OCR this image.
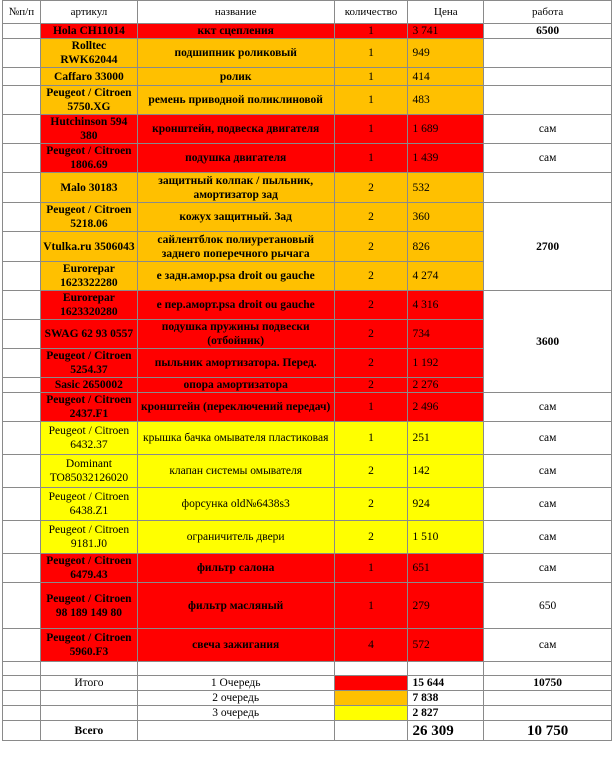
№п/п	артикул	название	количество	Цена	работа
	Hola CH11014	ккт сцепления	1	3 741	6500
	Rolltec RWK62044	подшипник роликовый	1	949	
	Caffaro 33000	ролик	1	414	
	Peugeot / Citroen 5750.XG	ремень приводной поликлиновой	1	483	
	Hutchinson 594 380	кронштейн, подвеска двигателя	1	1 689	сам
	Peugeot / Citroen 1806.69	подушка двигателя	1	1 439	сам
	Malo 30183	защитный колпак / пыльник, амортизатор зад	2	532	
	Peugeot / Citroen 5218.06	кожух защитный. Зад	2	360	2700
	Vtulka.ru 3506043	сайлентблок полиуретановый заднего поперечного рычага	2	826	
	Eurorepar 1623322280	e задн.амор.psa droit ou gauche	2	4 274	
	Eurorepar 1623320280	e пер.аморт.psa droit ou gauche	2	4 316	3600
	SWAG 62 93 0557	подушка пружины подвески (отбойник)	2	734	
	Peugeot / Citroen 5254.37	пыльник амортизатора. Перед.	2	1 192	
	Sasic 2650002	опора амортизатора	2	2 276	
	Peugeot / Citroen 2437.F1	кронштейн (переключений передач)	1	2 496	сам
	Peugeot / Citroen 6432.37	крышка бачка омывателя пластиковая	1	251	сам
	Dominant TO85032126020	клапан системы омывателя	2	142	сам
	Peugeot / Citroen 6438.Z1	форсунка old№6438s3	2	924	сам
	Peugeot / Citroen 9181.J0	ограничитель двери	2	1 510	сам
	Peugeot / Citroen 6479.43	фильтр салона	1	651	сам
	Peugeot / Citroen 98 189 149 80	фильтр масляный	1	279	650
	Peugeot / Citroen 5960.F3	свеча зажигания	4	572	сам

	Итого	1 Очередь		15 644	10750
		2 очередь		7 838	
		3 очередь		2 827	
	Всего			26 309	10 750
